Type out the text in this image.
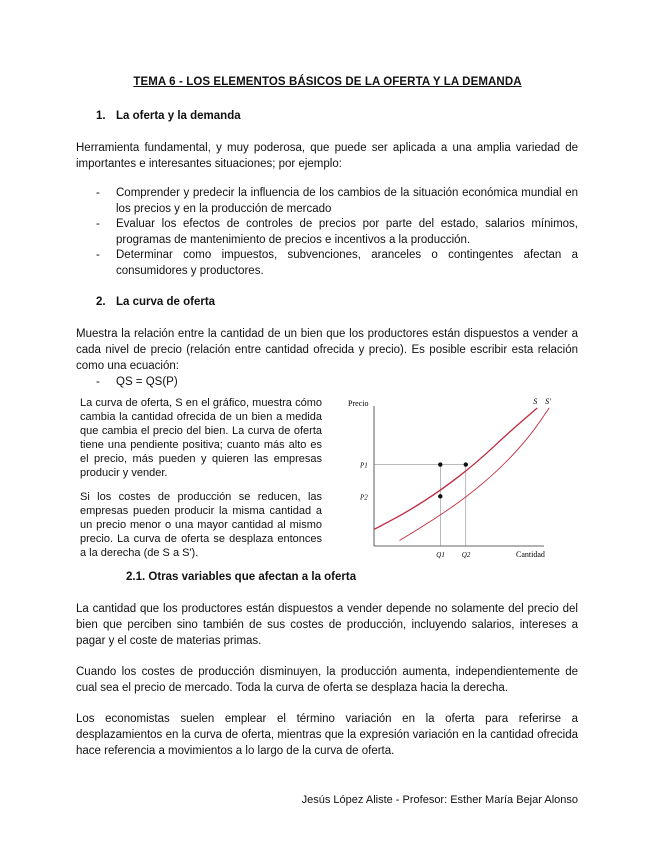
TEMA 6 - LOS ELEMENTOS BÁSICOS DE LA OFERTA Y LA DEMANDA
1. La oferta y la demanda

Herramienta fundamental, y muy poderosa, que puede ser aplicada a una amplia variedad de importantes e interesantes situaciones; por ejemplo:

-	Comprender y predecir la influencia de los cambios de la situación económica mundial en los precios y en la producción de mercado

-	Evaluar los efectos de controles de precios por parte del estado, salarios mínimos, programas de mantenimiento de precios e incentivos a la producción.

-	Determinar como impuestos, subvenciones, aranceles o contingentes afectan a consumidores y productores.

2. La curva de oferta

Muestra la relación entre la cantidad de un bien que los productores están dispuestos a vender a cada nivel de precio (relación entre cantidad ofrecida y precio). Es posible escribir esta relación como una ecuación:

-	QS = QS(P)

La curva de oferta, S en el gráfico, muestra cómo cambia la cantidad ofrecida de un bien a medida que cambia el precio del bien. La curva de oferta tiene una pendiente positiva; cuanto más alto es el precio, más pueden y quieren las empresas producir y vender.

Si los costes de producción se reducen, las empresas pueden producir la misma cantidad a un precio menor o una mayor cantidad al mismo precio. La curva de oferta se desplaza entonces a la derecha (de S a S').

Precio
Cantidad
P1
P2
Q1 Q2
S S'
2.1. Otras variables que afectan a la oferta

La cantidad que los productores están dispuestos a vender depende no solamente del precio del bien que perciben sino también de sus costes de producción, incluyendo salarios, intereses a pagar y el coste de materias primas.

Cuando los costes de producción disminuyen, la producción aumenta, independientemente de cual sea el precio de mercado. Toda la curva de oferta se desplaza hacia la derecha.

Los economistas suelen emplear el término variación en la oferta para referirse a desplazamientos en la curva de oferta, mientras que la expresión variación en la cantidad ofrecida hace referencia a movimientos a lo largo de la curva de oferta.

Jesús López Aliste - Profesor: Esther María Bejar Alonso
